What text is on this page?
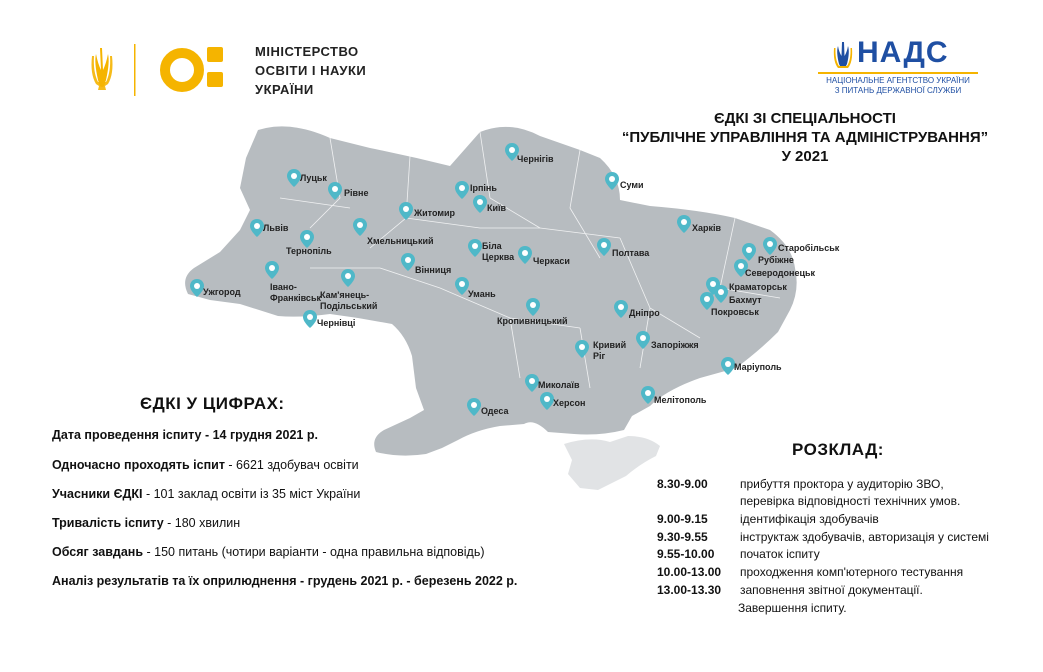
МІНІСТЕРСТВО
ОСВІТИ І НАУКИ
УКРАЇНИ
НАДС
НАЦІОНАЛЬНЕ АГЕНТСТВО УКРАЇНИ
З ПИТАНЬ ДЕРЖАВНОЇ СЛУЖБИ
ЄДКІ ЗІ СПЕЦІАЛЬНОСТІ
“ПУБЛІЧНЕ УПРАВЛІННЯ ТА АДМІНІСТРУВАННЯ”
У 2021
Чернігів
Луцьк
Рівне	Ірпінь	Суми
Київ
Житомир
Львів
Хмельницький
Тернопіль	Біла
Церква	Полтава
Харків
Старобільськ
Рубіжне
Северодонецьк
Черкаси
Вінниця
Івано-
Франківськ Кам'янець-
Подільський
Ужгород	Умань
Краматорськ
Бахмут
Покровськ
Кропивницький
Дніпро
Чернівці
Кривий
Ріг
Запоріжжя
Маріуполь
Миколаїв
Херсон	Мелітополь
Одеса
ЄДКІ У ЦИФРАХ:
Дата проведення іспиту - 14 грудня 2021 р.
Одночасно проходять іспит - 6621 здобувач освіти
Учасники ЄДКІ - 101 заклад освіти із 35 міст України
Тривалість іспиту - 180 хвилин
Обсяг завдань - 150 питань (чотири варіанти - одна правильна відповідь)
Аналіз результатів та їх оприлюднення - грудень 2021 р. - березень 2022 р.
РОЗКЛАД:
8.30-9.00	прибуття проктора у аудиторію ЗВО,
перевірка відповідності технічних умов.
9.00-9.15	ідентифікація здобувачів
9.30-9.55	інструктаж здобувачів, авторизація у системі
9.55-10.00 початок іспиту
10.00-13.00 проходження комп'ютерного тестування
13.00-13.30 заповнення звітної документації.
Завершення іспиту.
